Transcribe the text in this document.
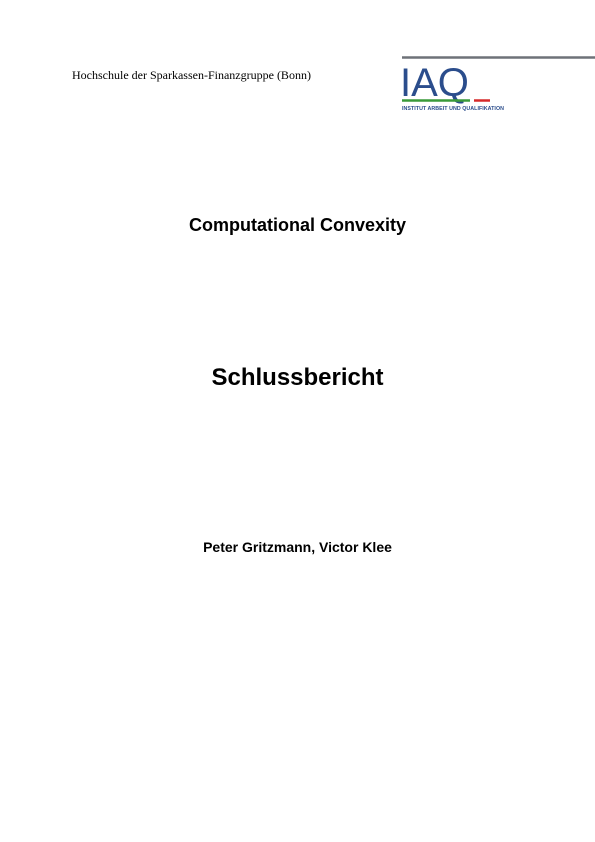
Hochschule der Sparkassen-Finanzgruppe (Bonn) IAQ
INSTITUT ARBEIT UND QUALIFIKATION
Computational Convexity
Schlussbericht
Peter Gritzmann, Victor Klee
